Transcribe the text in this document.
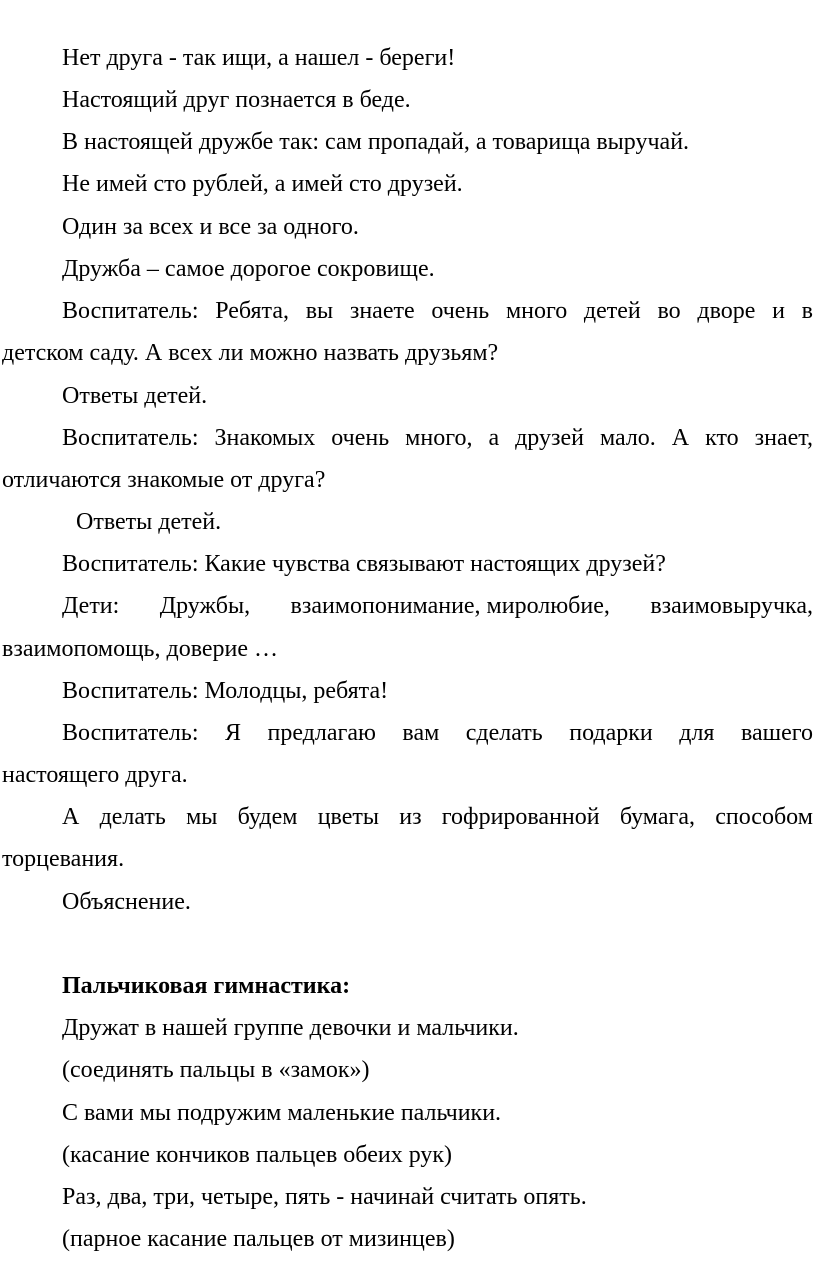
Нет друга - так ищи, а нашел - береги!
Настоящий друг познается в беде.
В настоящей дружбе так: сам пропадай, а товарища выручай.
Не имей сто рублей, а имей сто друзей.
Один за всех и все за одного.
Дружба – самое дорогое сокровище.
Воспитатель: Ребята, вы знаете очень много детей во дворе и в
детском саду. А всех ли можно назвать друзьям?
Ответы детей.
Воспитатель: Знакомых очень много, а друзей мало. А кто знает,
отличаются знакомые от друга?
Ответы детей.
Воспитатель: Какие чувства связывают настоящих друзей?
Дети: Дружбы, взаимопонимание, миролюбие, взаимовыручка,
взаимопомощь, доверие …
Воспитатель: Молодцы, ребята!
Воспитатель: Я предлагаю вам сделать подарки для вашего
настоящего друга.
А делать мы будем цветы из гофрированной бумага, способом
торцевания.
Объяснение.
Пальчиковая гимнастика:
Дружат в нашей группе девочки и мальчики.
(соединять пальцы в «замок»)
С вами мы подружим маленькие пальчики.
(касание кончиков пальцев обеих рук)
Раз, два, три, четыре, пять - начинай считать опять.
(парное касание пальцев от мизинцев)
